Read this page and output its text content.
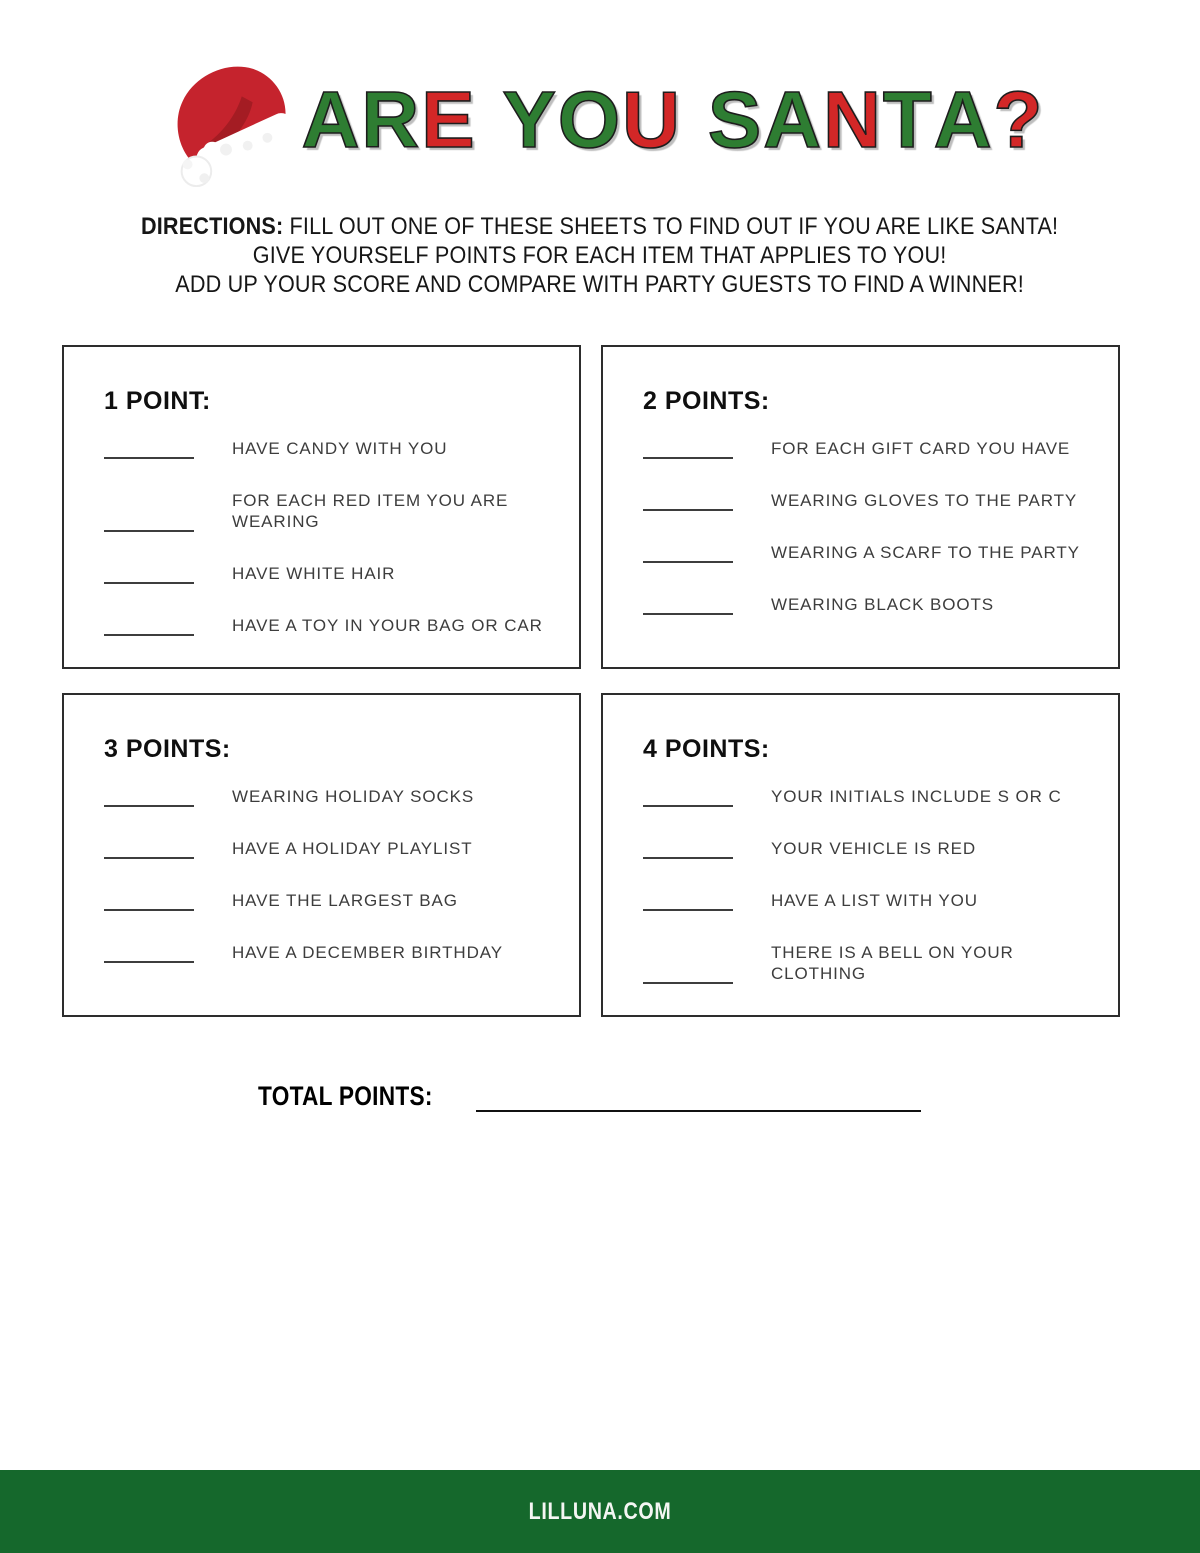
A R E Y O U S A N T A ?

DIRECTIONS: FILL OUT ONE OF THESE SHEETS TO FIND OUT IF YOU ARE LIKE SANTA!

GIVE YOURSELF POINTS FOR EACH ITEM THAT APPLIES TO YOU!

ADD UP YOUR SCORE AND COMPARE WITH PARTY GUESTS TO FIND A WINNER!

1 POINT:
HAVE CANDY WITH YOU
FOR EACH RED ITEM YOU ARE WEARING
HAVE WHITE HAIR
HAVE A TOY IN YOUR BAG OR CAR
2 POINTS:
FOR EACH GIFT CARD YOU HAVE
WEARING GLOVES TO THE PARTY
WEARING A SCARF TO THE PARTY
WEARING BLACK BOOTS
3 POINTS:
WEARING HOLIDAY SOCKS
HAVE A HOLIDAY PLAYLIST
HAVE THE LARGEST BAG
HAVE A DECEMBER BIRTHDAY
4 POINTS:
YOUR INITIALS INCLUDE S OR C
YOUR VEHICLE IS RED
HAVE A LIST WITH YOU
THERE IS A BELL ON YOUR CLOTHING
TOTAL POINTS:
LILLUNA.COM
